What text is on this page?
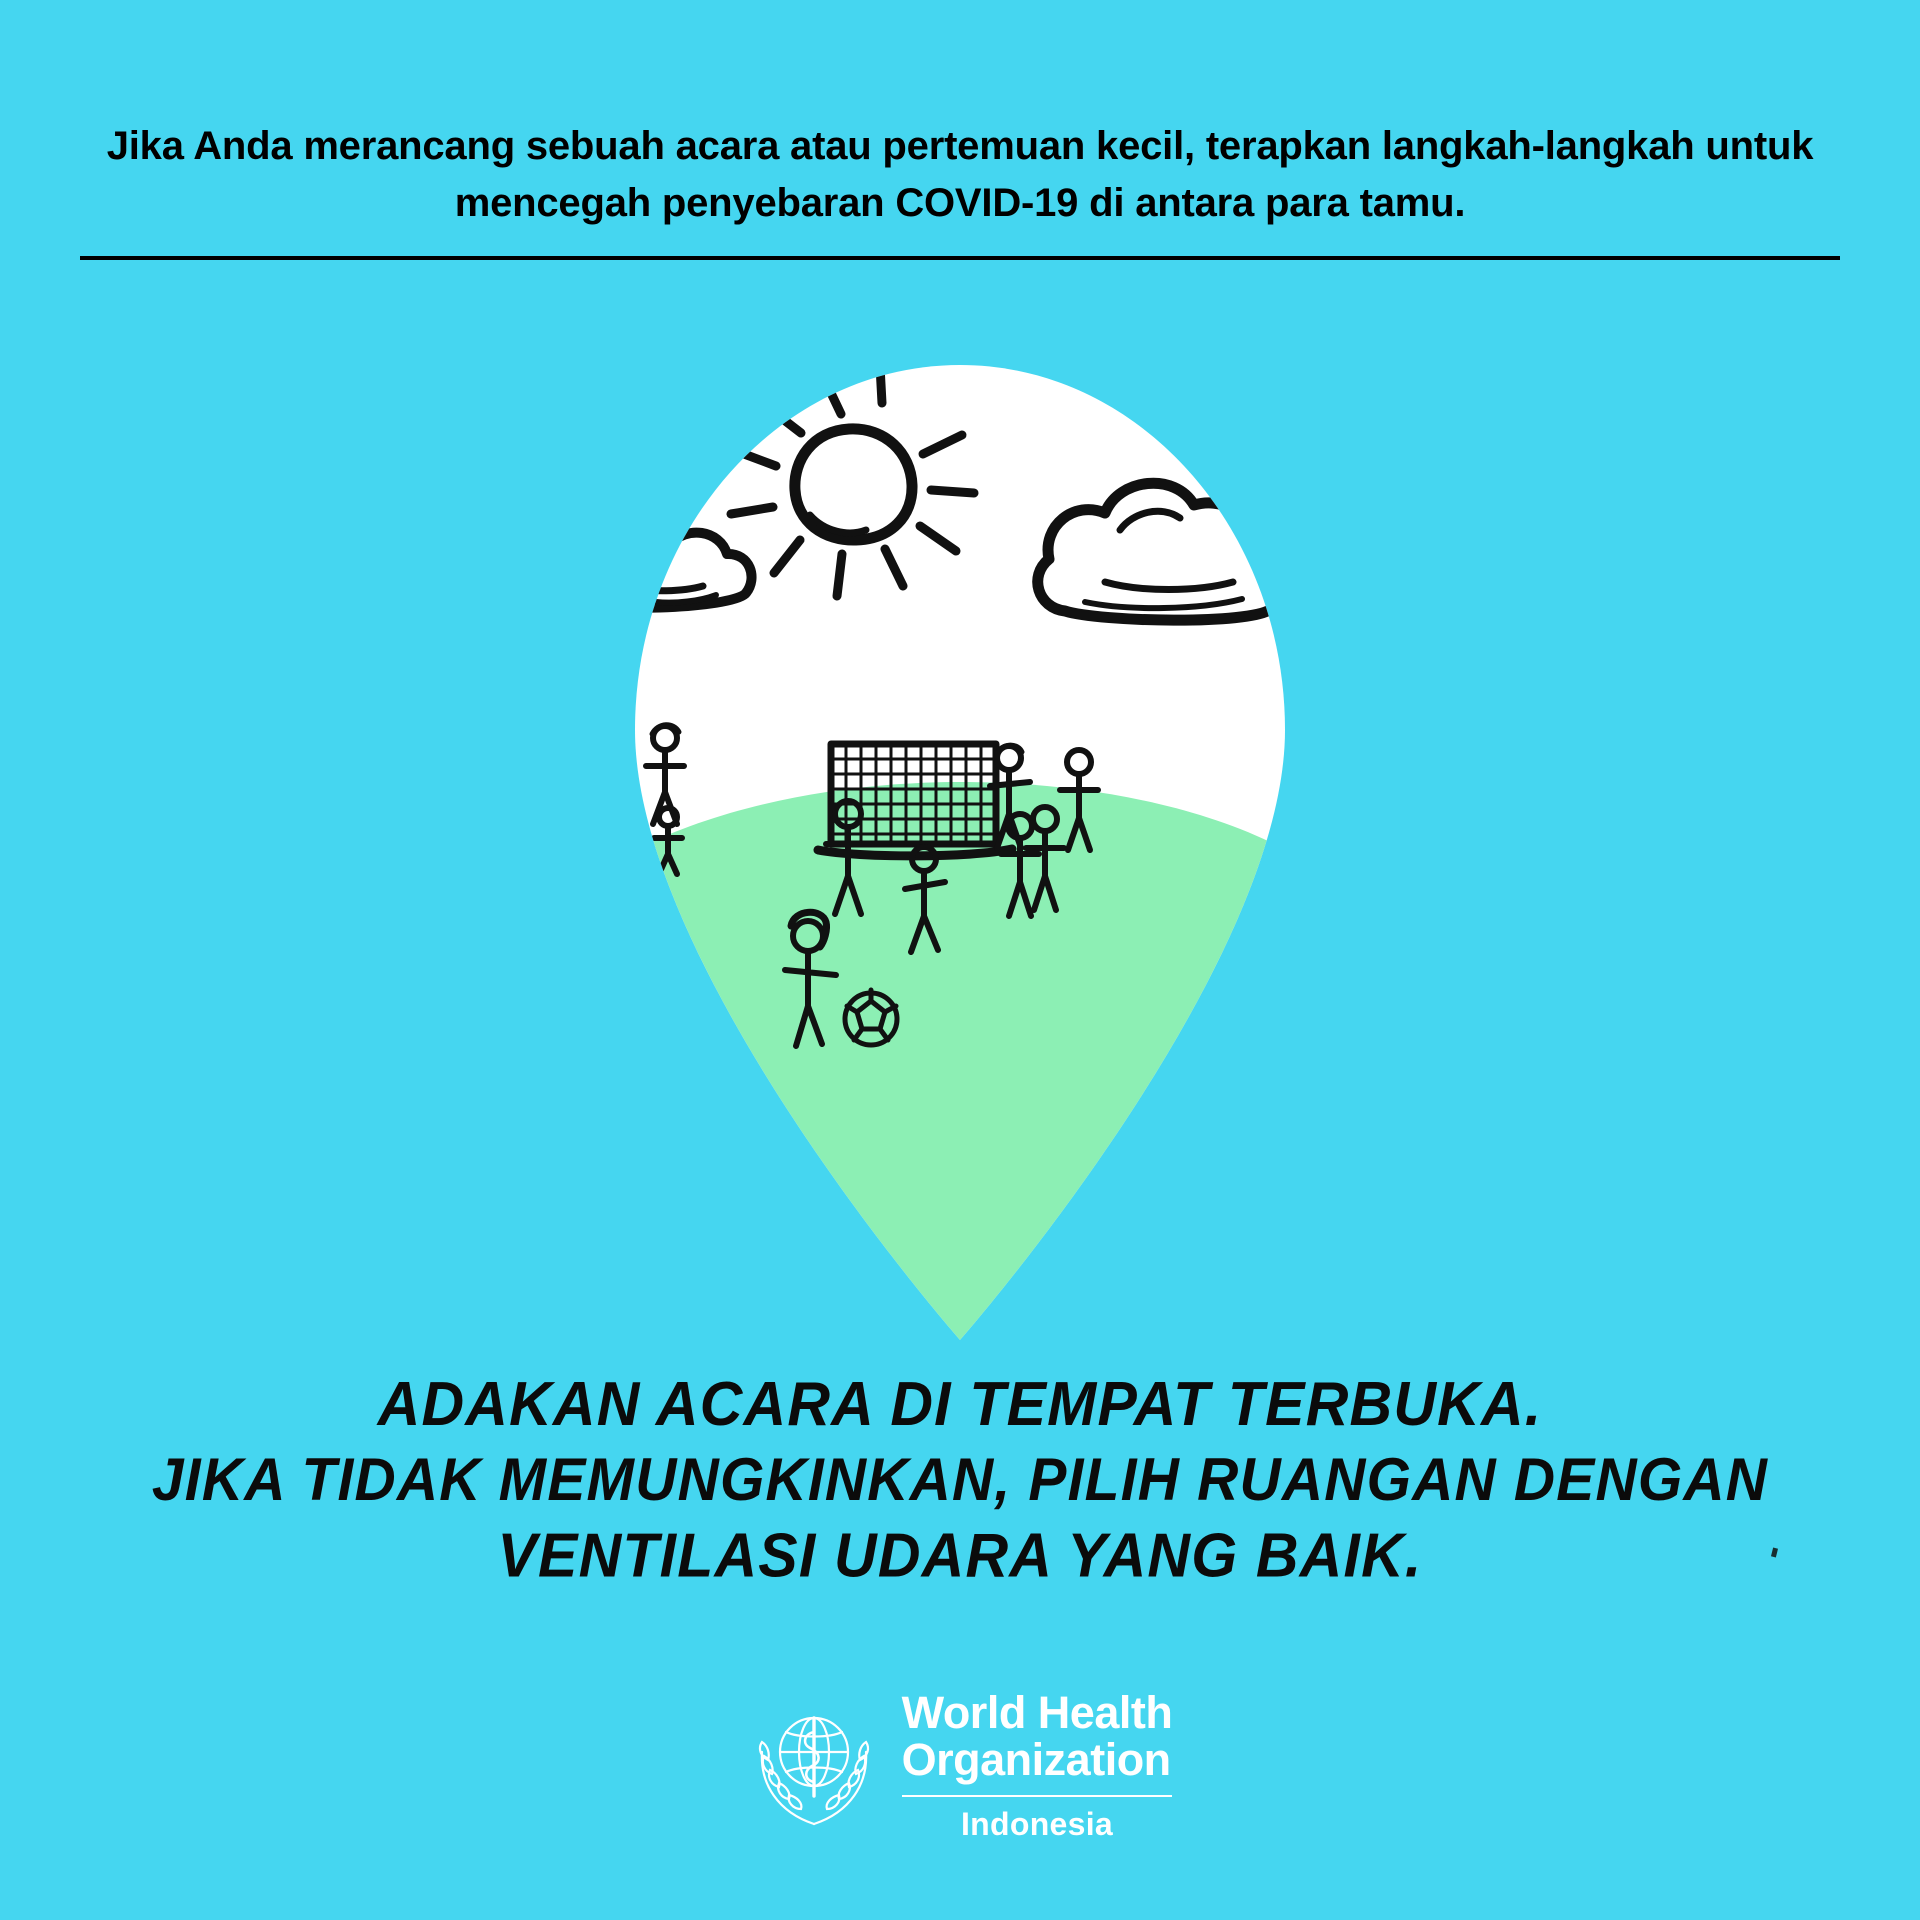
Jika Anda merancang sebuah acara atau pertemuan kecil, terapkan langkah-langkah untuk mencegah penyebaran COVID-19 di antara para tamu.
ADAKAN ACARA DI TEMPAT TERBUKA.
JIKA TIDAK MEMUNGKINKAN, PILIH RUANGAN DENGAN
VENTILASI UDARA YANG BAIK.
World Health
Organization
Indonesia
